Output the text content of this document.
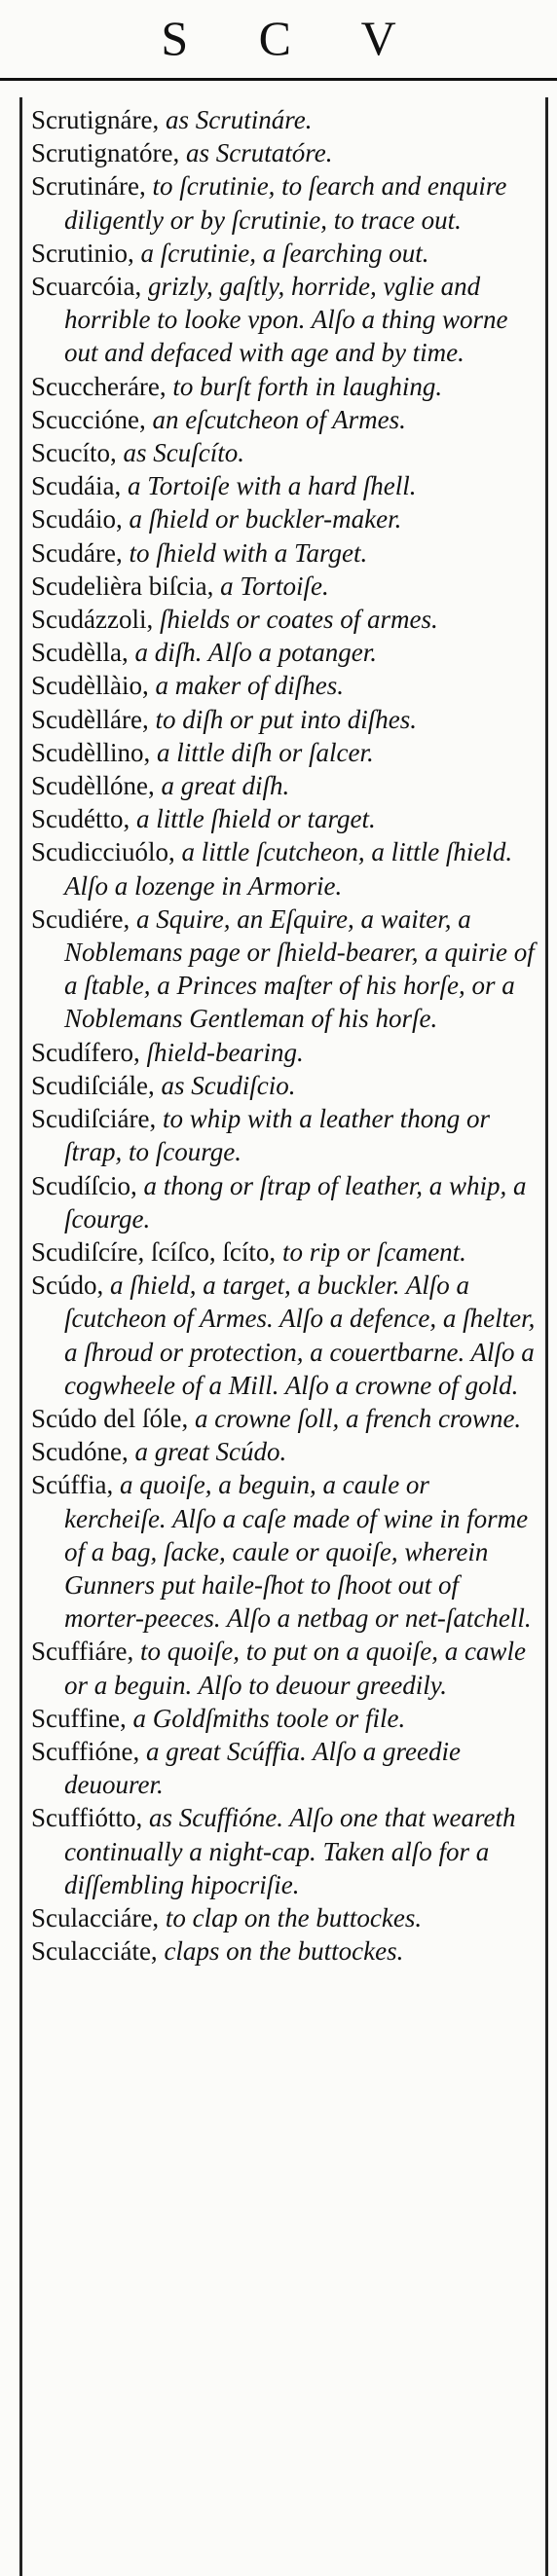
S C V

Scrutignáre, as Scrutináre.

Scrutignatóre, as Scrutatóre.

Scrutináre, to ſcrutinie, to ſearch and enquire diligently or by ſcrutinie, to trace out.

Scrutinio, a ſcrutinie, a ſearching out.

Scuarcóia, grizly, gaſtly, horride, vglie and horrible to looke vpon. Alſo a thing worne out and defaced with age and by time.

Scuccheráre, to burſt forth in laughing.

Scuccióne, an eſcutcheon of Armes.

Scucíto, as Scuſcíto.

Scudáia, a Tortoiſe with a hard ſhell.

Scudáio, a ſhield or buckler-maker.

Scudáre, to ſhield with a Target.

Scudelièra biſcia, a Tortoiſe.

Scudázzoli, ſhields or coates of armes.

Scudèlla, a diſh. Alſo a potanger.

Scudèllàio, a maker of diſhes.

Scudèlláre, to diſh or put into diſhes.

Scudèllino, a little diſh or ſalcer.

Scudèllóne, a great diſh.

Scudétto, a little ſhield or target.

Scudicciuólo, a little ſcutcheon, a little ſhield. Alſo a lozenge in Armorie.

Scudiére, a Squire, an Eſquire, a waiter, a Noblemans page or ſhield-bearer, a quirie of a ſtable, a Princes maſter of his horſe, or a Noblemans Gentleman of his horſe.

Scudífero, ſhield-bearing.

Scudiſciále, as Scudiſcio.

Scudiſciáre, to whip with a leather thong or ſtrap, to ſcourge.

Scudíſcio, a thong or ſtrap of leather, a whip, a ſcourge.

Scudiſcíre, ſcíſco, ſcíto, to rip or ſcament.

Scúdo, a ſhield, a target, a buckler. Alſo a ſcutcheon of Armes. Alſo a defence, a ſhelter, a ſhroud or protection, a couertbarne. Alſo a cogwheele of a Mill. Alſo a crowne of gold.

Scúdo del ſóle, a crowne ſoll, a french crowne.

Scudóne, a great Scúdo.

Scúffia, a quoiſe, a beguin, a caule or kercheiſe. Alſo a caſe made of wine in forme of a bag, ſacke, caule or quoiſe, wherein Gunners put haile-ſhot to ſhoot out of morter-peeces. Alſo a netbag or net-ſatchell.

Scuffiáre, to quoiſe, to put on a quoiſe, a cawle or a beguin. Alſo to deuour greedily.

Scuffine, a Goldſmiths toole or file.

Scuffióne, a great Scúffia. Alſo a greedie deuourer.

Scuffiótto, as Scuffióne. Alſo one that weareth continually a night-cap. Taken alſo for a diſſembling hipocriſie.

Sculacciáre, to clap on the buttockes.

Sculacciáte, claps on the buttockes.
